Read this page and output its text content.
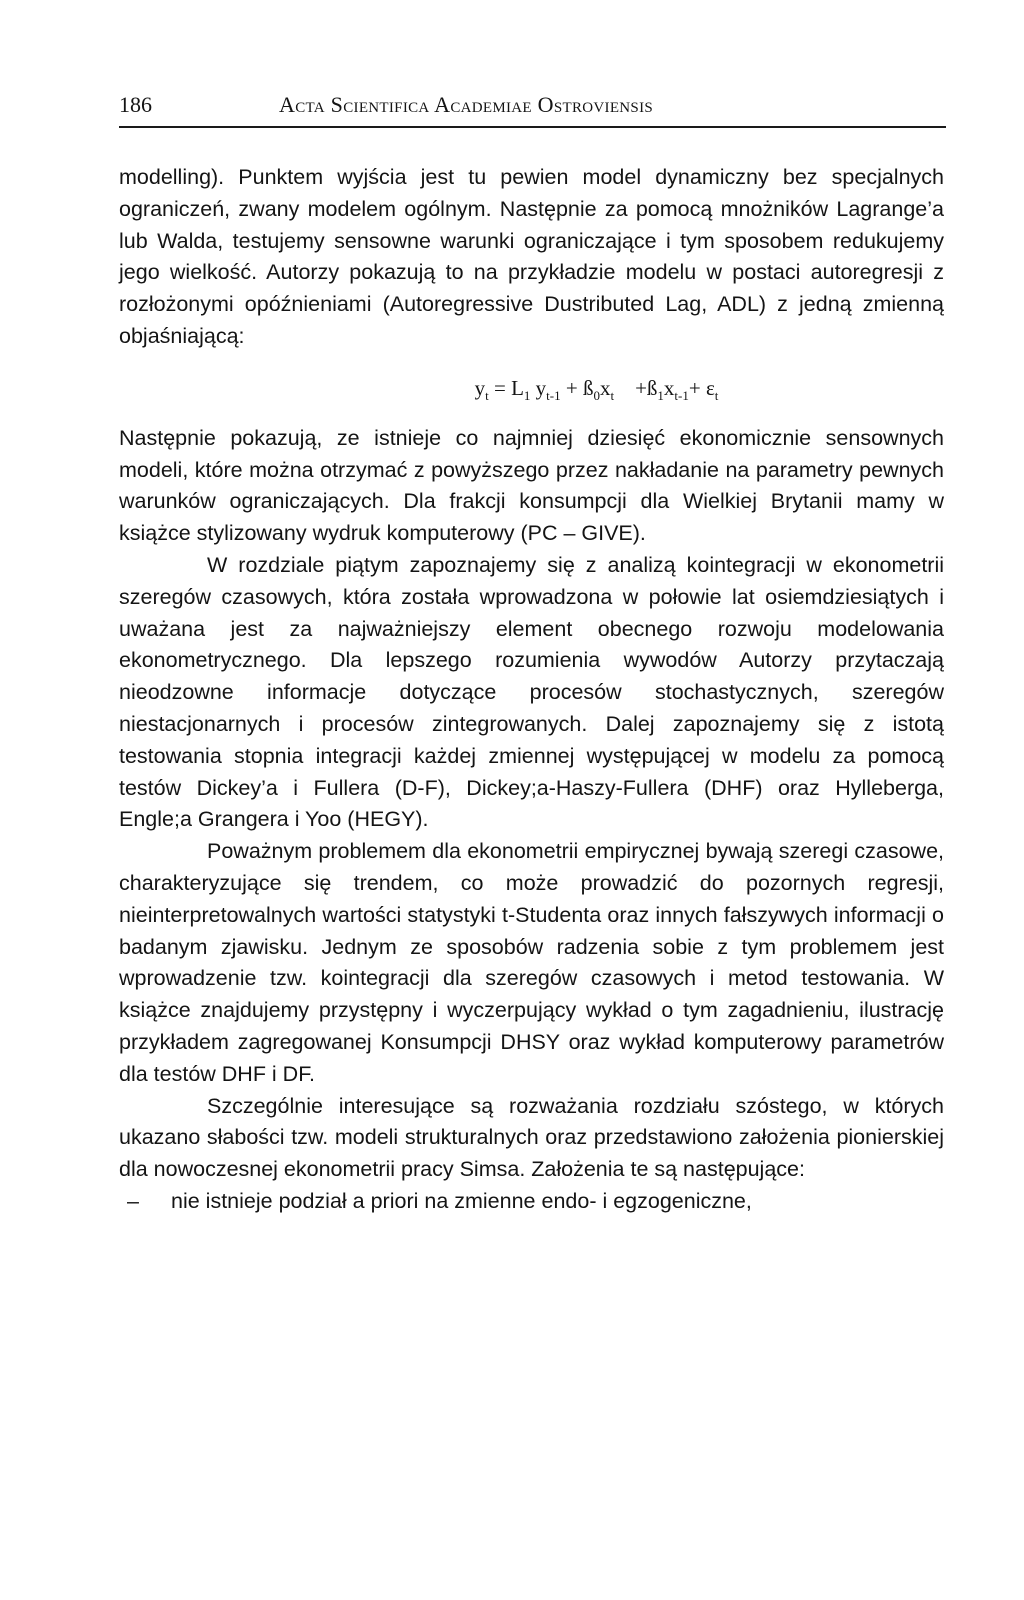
186	Acta Scientifica Academiae Ostroviensis

modelling). Punktem wyjścia jest tu pewien model dynamiczny bez specjalnych ograniczeń, zwany modelem ogólnym. Następnie za pomocą mnożników Lagrange’a lub Walda, testujemy sensowne warunki ograniczające i tym sposobem redukujemy jego wielkość. Autorzy pokazują to na przykładzie modelu w postaci autoregresji z rozłożonymi opóźnieniami (Autoregressive Dustributed Lag, ADL) z jedną zmienną objaśniającą:

$y_t = L_1$ $y_{t-1}$ + $ß_0x_t$    $+ß_1x_{t-1}+ \varepsilon_t$

Następnie pokazują, ze istnieje co najmniej dziesięć ekonomicznie sensownych modeli, które można otrzymać z powyższego przez nakładanie na parametry pewnych warunków ograniczających. Dla frakcji konsumpcji dla Wielkiej Brytanii mamy w książce stylizowany wydruk komputerowy (PC – GIVE).

W rozdziale piątym zapoznajemy się z analizą kointegracji w ekonometrii szeregów czasowych, która została wprowadzona w połowie lat osiemdziesiątych i uważana jest za najważniejszy element obecnego rozwoju modelowania ekonometrycznego. Dla lepszego rozumienia wywodów Autorzy przytaczają nieodzowne informacje dotyczące procesów stochastycznych, szeregów niestacjonarnych i procesów zintegrowanych. Dalej zapoznajemy się z istotą testowania stopnia integracji każdej zmiennej występującej w modelu za pomocą testów Dickey’a i Fullera (D-F), Dickey;a-Haszy-Fullera (DHF) oraz Hylleberga, Engle;a Grangera i Yoo (HEGY).

Poważnym problemem dla ekonometrii empirycznej bywają szeregi czasowe, charakteryzujące się trendem, co może prowadzić do pozornych regresji, nieinterpretowalnych wartości statystyki t-Studenta oraz innych fałszywych informacji o badanym zjawisku. Jednym ze sposobów radzenia sobie z tym problemem jest wprowadzenie tzw. kointegracji dla szeregów czasowych i metod testowania. W książce znajdujemy przystępny i wyczerpujący wykład o tym zagadnieniu, ilustrację przykładem zagregowanej Konsumpcji DHSY oraz wykład komputerowy parametrów dla testów DHF i DF.

Szczególnie interesujące są rozważania rozdziału szóstego, w których ukazano słabości tzw. modeli strukturalnych oraz przedstawiono założenia pionierskiej dla nowoczesnej ekonometrii pracy Simsa. Założenia te są następujące:

– nie istnieje podział a priori na zmienne endo- i egzogeniczne,
